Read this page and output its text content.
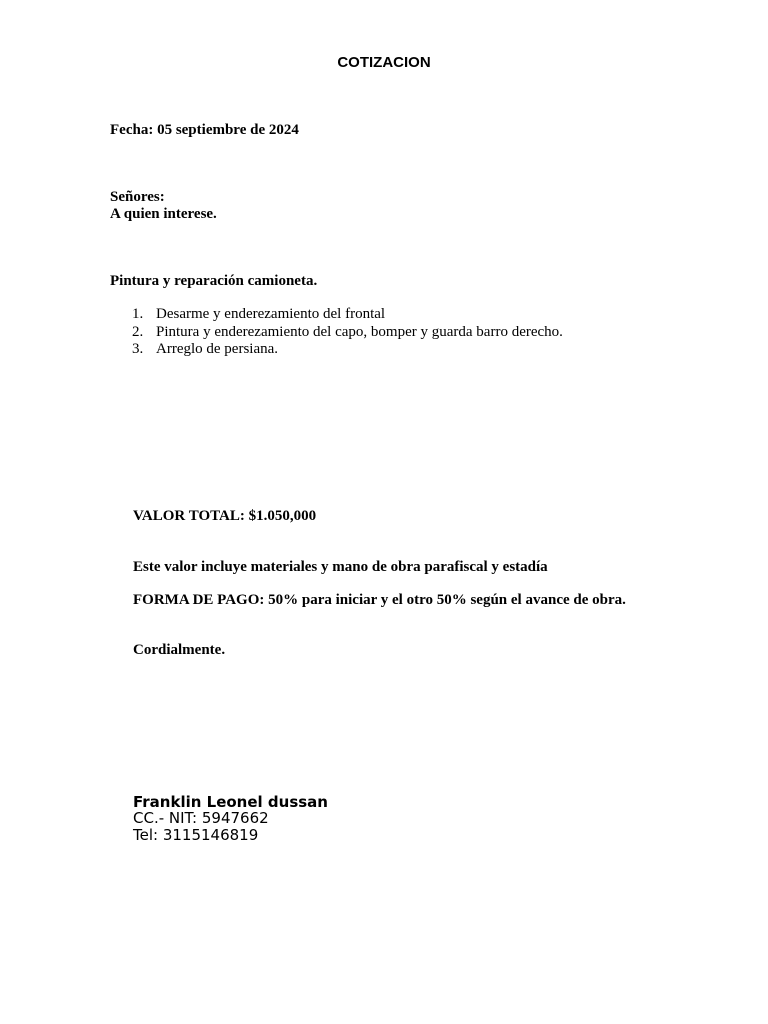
COTIZACION

Fecha: 05 septiembre de 2024

Señores:

A quien interese.

Pintura y reparación camioneta.

1. Desarme y enderezamiento del frontal
2. Pintura y enderezamiento del capo, bomper y guarda barro derecho.
3. Arreglo de persiana.

VALOR TOTAL: $1.050,000

Este valor incluye materiales y mano de obra parafiscal y estadía

FORMA DE PAGO: 50% para iniciar y el otro 50% según el avance de obra.

Cordialmente.

Franklin Leonel dussan

CC.- NIT: 5947662

Tel: 3115146819
